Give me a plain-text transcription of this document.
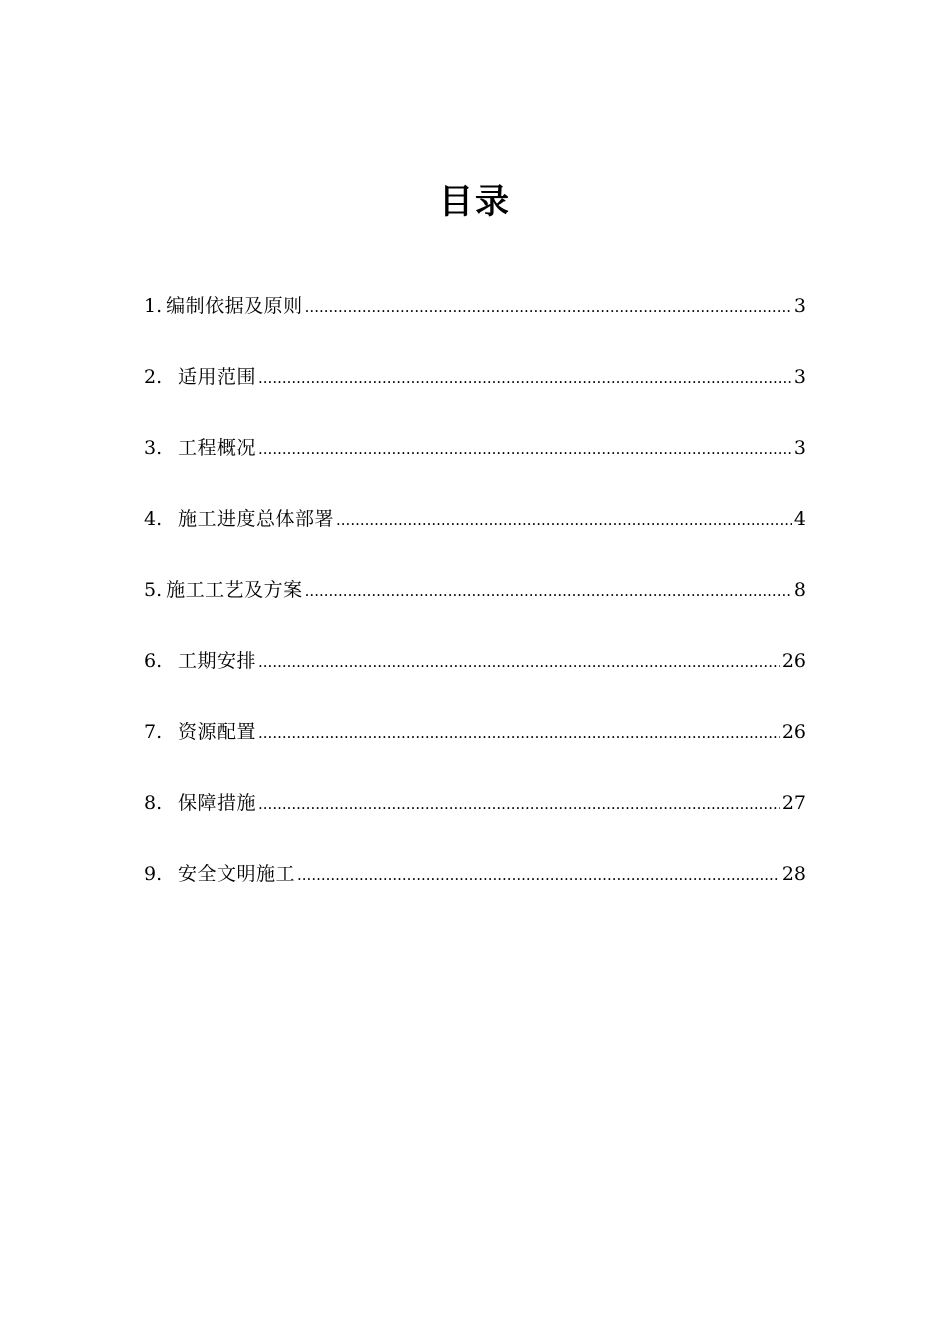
目录
1. 编制依据及原则 .....	3
2. 适用范围 .....	3
3. 工程概况 .....	3
4. 施工进度总体部署 .....	4
5. 施工工艺及方案 .....	8
6. 工期安排 .....	26
7. 资源配置 .....	26
8. 保障措施 .....	27
9. 安全文明施工 .....	28
